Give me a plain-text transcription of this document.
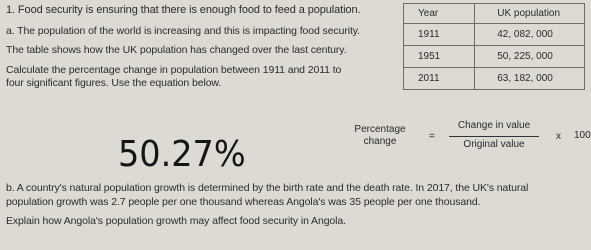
1. Food security is ensuring that there is enough food to feed a population.
a. The population of the world is increasing and this is impacting food security.
The table shows how the UK population has changed over the last century.
Calculate the percentage change in population between 1911 and 2011 to
four significant figures. Use the equation below.
Year	UK population
1911	42, 082, 000
1951	50, 225, 000
2011	63, 182, 000
50.27%
Percentage
change	=
Change in value
Original value
x 100
b. A country's natural population growth is determined by the birth rate and the death rate. In 2017, the UK's natural
population growth was 2.7 people per one thousand whereas Angola's was 35 people per one thousand.
Explain how Angola's population growth may affect food security in Angola.
